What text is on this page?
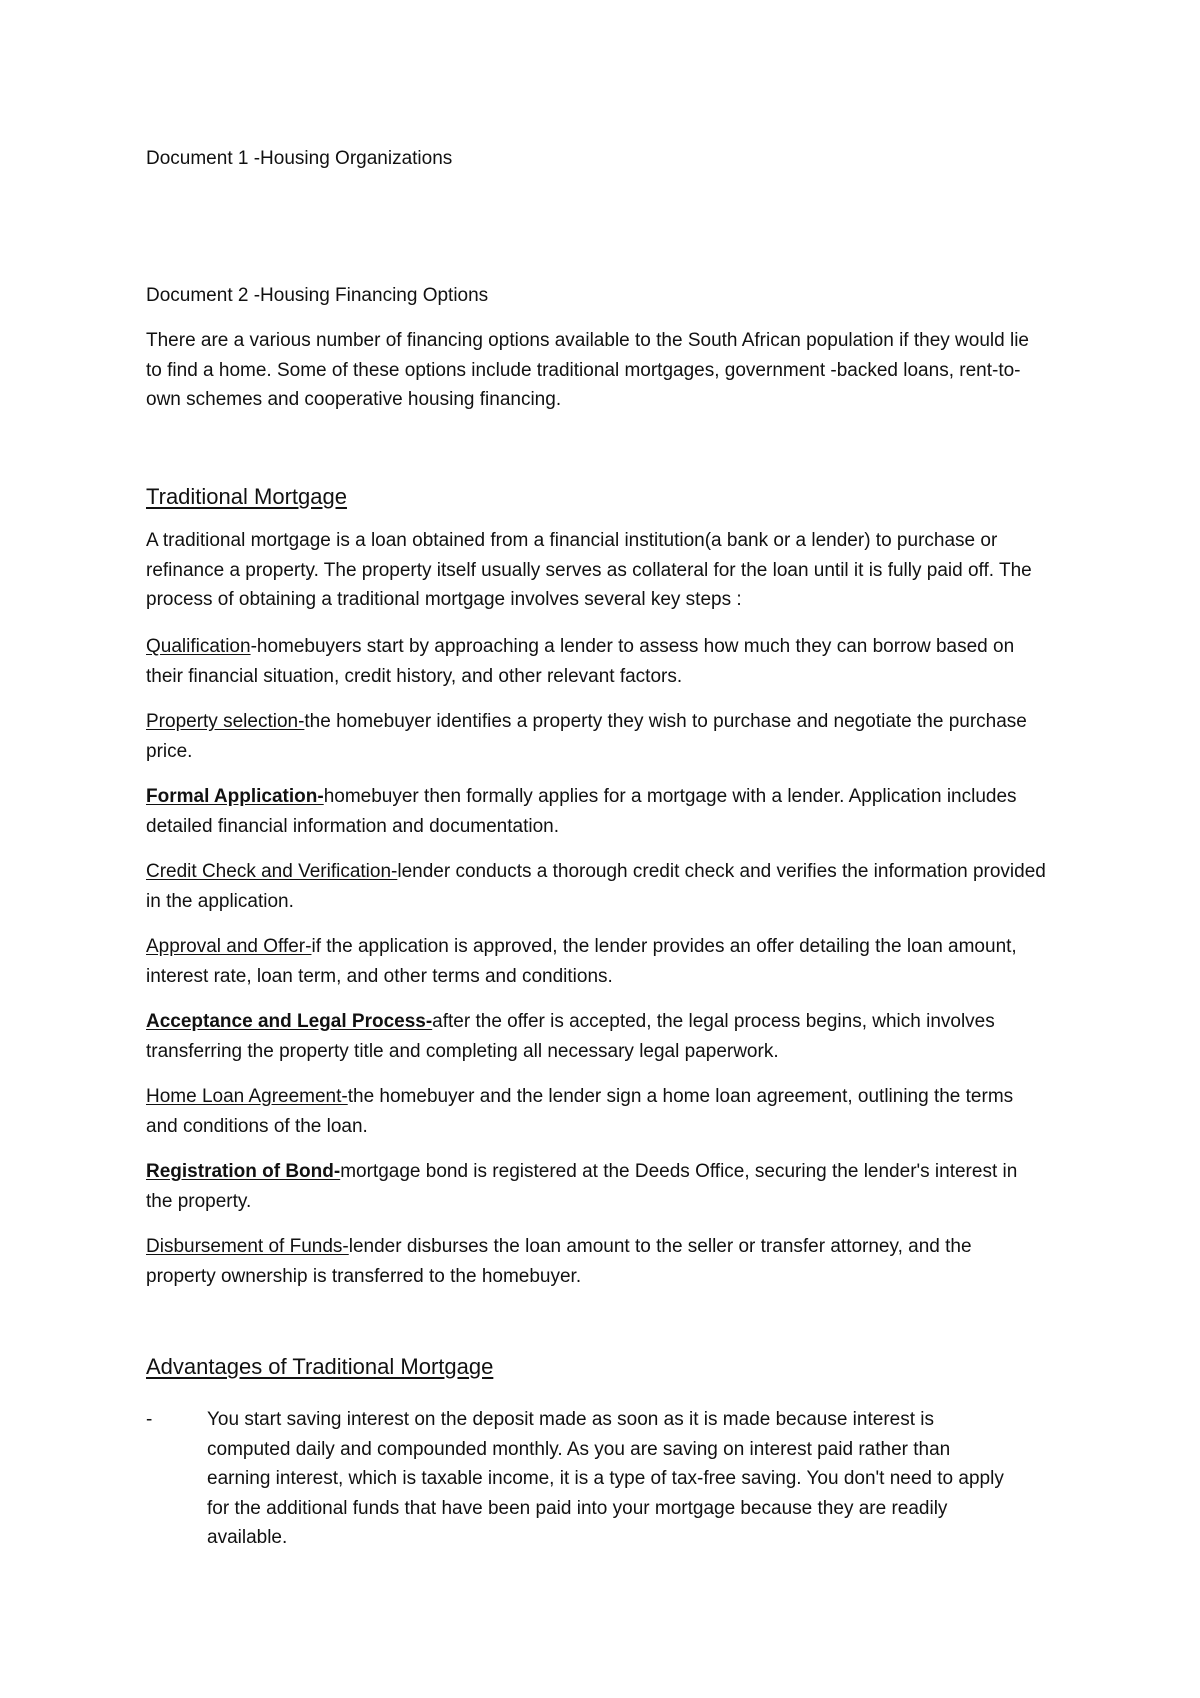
Document 1 -Housing Organizations
Document 2 -Housing Financing Options
There are a various number of financing options available to the South African population if they would lie to find a home. Some of these options include traditional mortgages, government -backed loans, rent-to-own schemes and cooperative housing financing.
Traditional Mortgage
A traditional mortgage is a loan obtained from a financial institution(a bank or a lender) to purchase or refinance a property. The property itself usually serves as collateral for the loan until it is fully paid off. The process of obtaining a traditional mortgage involves several key steps :
Qualification-homebuyers start by approaching a lender to assess how much they can borrow based on their financial situation, credit history, and other relevant factors.
Property selection-the homebuyer identifies a property they wish to purchase and negotiate the purchase price.
Formal Application-homebuyer then formally applies for a mortgage with a lender. Application includes detailed financial information and documentation.
Credit Check and Verification-lender conducts a thorough credit check and verifies the information provided in the application.
Approval and Offer-if the application is approved, the lender provides an offer detailing the loan amount, interest rate, loan term, and other terms and conditions.
Acceptance and Legal Process-after the offer is accepted, the legal process begins, which involves transferring the property title and completing all necessary legal paperwork.
Home Loan Agreement-the homebuyer and the lender sign a home loan agreement, outlining the terms and conditions of the loan.
Registration of Bond-mortgage bond is registered at the Deeds Office, securing the lender's interest in the property.
Disbursement of Funds-lender disburses the loan amount to the seller or transfer attorney, and the property ownership is transferred to the homebuyer.
Advantages of Traditional Mortgage
-	You start saving interest on the deposit made as soon as it is made because interest is computed daily and compounded monthly. As you are saving on interest paid rather than earning interest, which is taxable income, it is a type of tax-free saving. You don't need to apply for the additional funds that have been paid into your mortgage because they are readily available.
